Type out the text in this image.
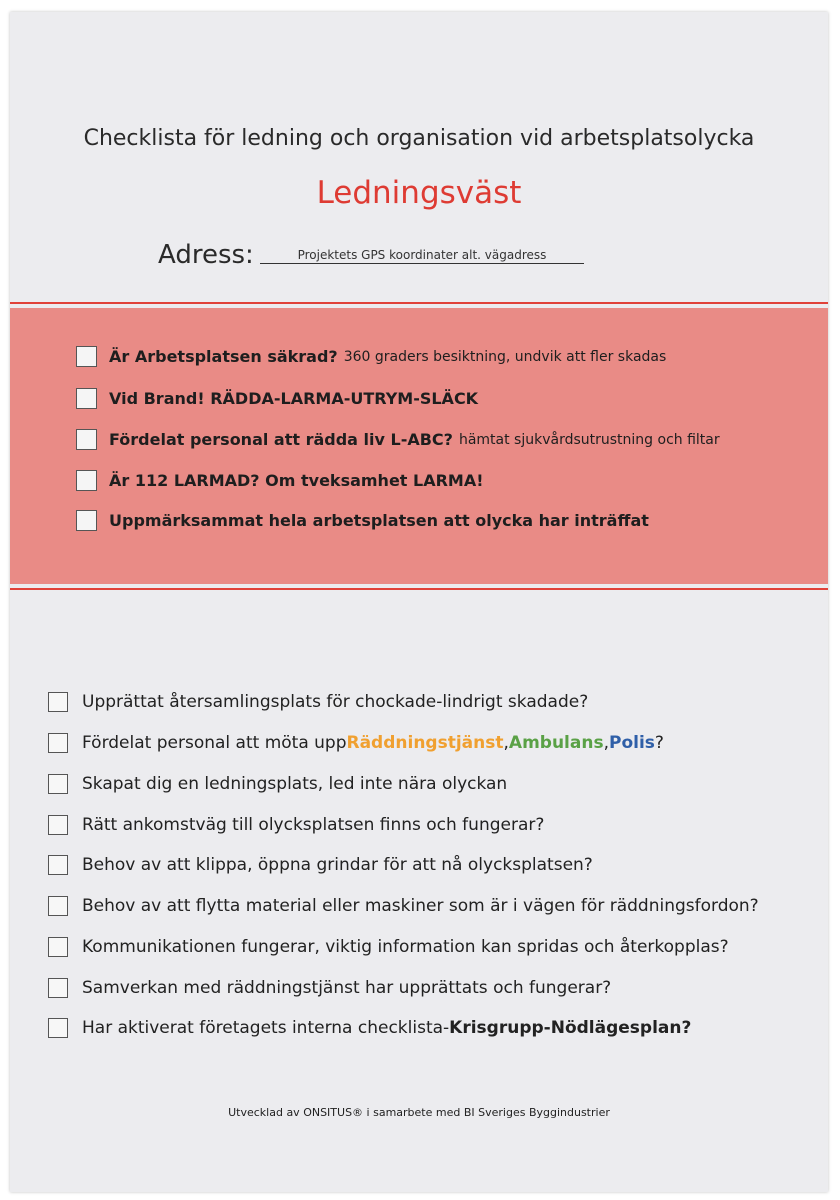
Checklista för ledning och organisation vid arbetsplatsolycka
Ledningsväst
Adress:	Projektets GPS koordinater alt. vägadress
Är Arbetsplatsen säkrad? 360 graders besiktning, undvik att fler skadas
Vid Brand! RÄDDA-LARMA-UTRYM-SLÄCK
Fördelat personal att rädda liv L-ABC? hämtat sjukvårdsutrustning och filtar
Är 112 LARMAD? Om tveksamhet LARMA!
Uppmärksammat hela arbetsplatsen att olycka har inträffat
Upprättat återsamlingsplats för chockade-lindrigt skadade?
Fördelat personal att möta upp Räddningstjänst , Ambulans , Polis ?
Skapat dig en ledningsplats, led inte nära olyckan
Rätt ankomstväg till olycksplatsen finns och fungerar?
Behov av att klippa, öppna grindar för att nå olycksplatsen?
Behov av att flytta material eller maskiner som är i vägen för räddningsfordon?
Kommunikationen fungerar, viktig information kan spridas och återkopplas?
Samverkan med räddningstjänst har upprättats och fungerar?
Har aktiverat företagets interna checklista- Krisgrupp-Nödlägesplan?
Utvecklad av ONSITUS® i samarbete med BI Sveriges Byggindustrier
